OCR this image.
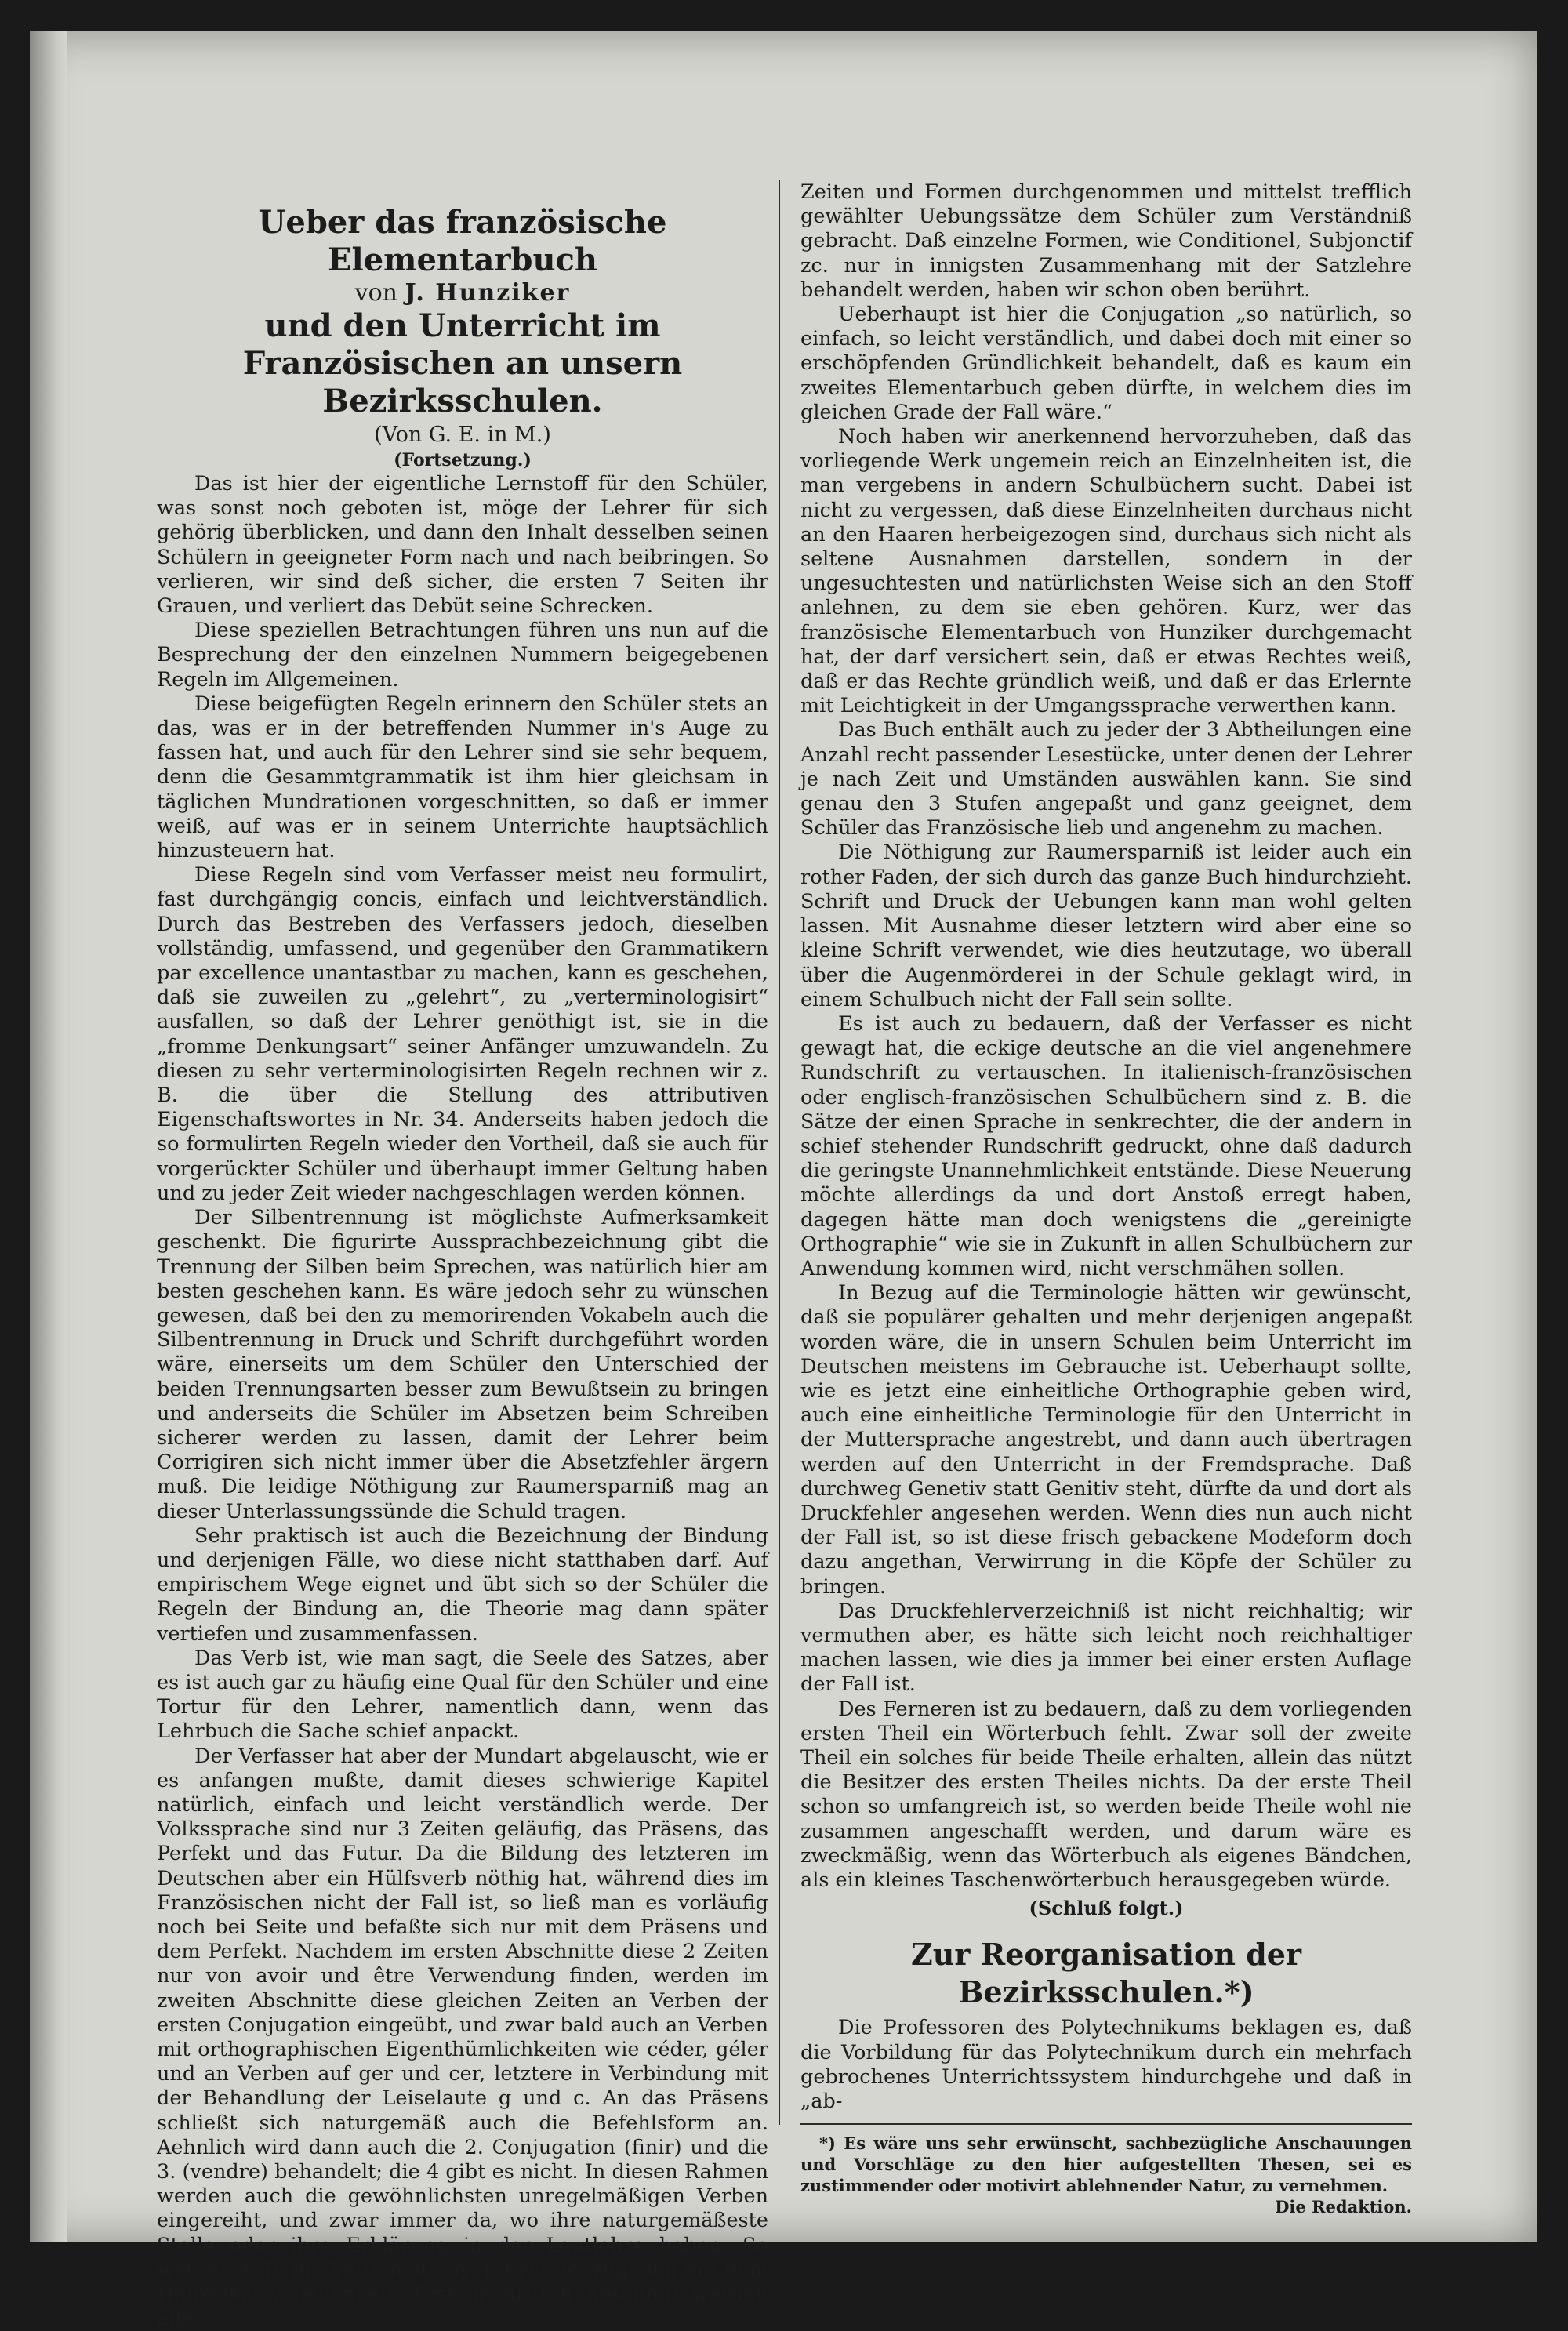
Ueber das französische Elementarbuch
von J. Hunziker
und den Unterricht im Französischen an unsern
Bezirksschulen.
(Von G. E. in M.)
(Fortsetzung.)

Das ist hier der eigentliche Lernstoff für den Schüler, was sonst noch geboten ist, möge der Lehrer für sich gehörig überblicken, und dann den Inhalt desselben seinen Schülern in geeigneter Form nach und nach beibringen. So verlieren, wir sind deß sicher, die ersten 7 Seiten ihr Grauen, und verliert das Debüt seine Schrecken.

Diese speziellen Betrachtungen führen uns nun auf die Besprechung der den einzelnen Nummern beigegebenen Regeln im Allgemeinen.

Diese beigefügten Regeln erinnern den Schüler stets an das, was er in der betreffenden Nummer in's Auge zu fassen hat, und auch für den Lehrer sind sie sehr bequem, denn die Gesammtgrammatik ist ihm hier gleichsam in täglichen Mundrationen vorgeschnitten, so daß er immer weiß, auf was er in seinem Unterrichte hauptsächlich hinzusteuern hat.

Diese Regeln sind vom Verfasser meist neu formulirt, fast durchgängig concis, einfach und leichtverständlich. Durch das Bestreben des Verfassers jedoch, dieselben vollständig, umfassend, und gegenüber den Grammatikern par excellence unantastbar zu machen, kann es geschehen, daß sie zuweilen zu „gelehrt“, zu „verterminologisirt“ ausfallen, so daß der Lehrer genöthigt ist, sie in die „fromme Denkungsart“ seiner Anfänger umzuwandeln. Zu diesen zu sehr verterminologisirten Regeln rechnen wir z. B. die über die Stellung des attributiven Eigenschaftswortes in Nr. 34. Anderseits haben jedoch die so formulirten Regeln wieder den Vortheil, daß sie auch für vorgerückter Schüler und überhaupt immer Geltung haben und zu jeder Zeit wieder nachgeschlagen werden können.

Der Silbentrennung ist möglichste Aufmerksamkeit geschenkt. Die figurirte Aussprachbezeichnung gibt die Trennung der Silben beim Sprechen, was natürlich hier am besten geschehen kann. Es wäre jedoch sehr zu wünschen gewesen, daß bei den zu memorirenden Vokabeln auch die Silbentrennung in Druck und Schrift durchgeführt worden wäre, einerseits um dem Schüler den Unterschied der beiden Trennungsarten besser zum Bewußtsein zu bringen und anderseits die Schüler im Absetzen beim Schreiben sicherer werden zu lassen, damit der Lehrer beim Corrigiren sich nicht immer über die Absetzfehler ärgern muß. Die leidige Nöthigung zur Raumersparniß mag an dieser Unterlassungssünde die Schuld tragen.

Sehr praktisch ist auch die Bezeichnung der Bindung und derjenigen Fälle, wo diese nicht statthaben darf. Auf empirischem Wege eignet und übt sich so der Schüler die Regeln der Bindung an, die Theorie mag dann später vertiefen und zusammenfassen.

Das Verb ist, wie man sagt, die Seele des Satzes, aber es ist auch gar zu häufig eine Qual für den Schüler und eine Tortur für den Lehrer, namentlich dann, wenn das Lehrbuch die Sache schief anpackt.

Der Verfasser hat aber der Mundart abgelauscht, wie er es anfangen mußte, damit dieses schwierige Kapitel natürlich, einfach und leicht verständlich werde. Der Volkssprache sind nur 3 Zeiten geläufig, das Präsens, das Perfekt und das Futur. Da die Bildung des letzteren im Deutschen aber ein Hülfsverb nöthig hat, während dies im Französischen nicht der Fall ist, so ließ man es vorläufig noch bei Seite und befaßte sich nur mit dem Präsens und dem Perfekt. Nachdem im ersten Abschnitte diese 2 Zeiten nur von avoir und être Verwendung finden, werden im zweiten Abschnitte diese gleichen Zeiten an Verben der ersten Conjugation eingeübt, und zwar bald auch an Verben mit orthographischen Eigenthümlichkeiten wie céder, géler und an Verben auf ger und cer, letztere in Verbindung mit der Behandlung der Leiselaute g und c. An das Präsens schließt sich naturgemäß auch die Befehlsform an. Aehnlich wird dann auch die 2. Conjugation (finir) und die 3. (vendre) behandelt; die 4 gibt es nicht. In diesen Rahmen werden auch die gewöhnlichsten unregelmäßigen Verben eingereiht, und zwar immer da, wo ihre naturgemäßeste Stelle oder ihre Erklärung in der Lautlehre haben. So werden z. B. die Verben auf ayer, uyer zc. zugleich mit dem Halbvokal y behandelt. Erst im dritten Abschnitt werden alle

Zeiten und Formen durchgenommen und mittelst trefflich gewählter Uebungssätze dem Schüler zum Verständniß gebracht. Daß einzelne Formen, wie Conditionel, Subjonctif zc. nur in innigsten Zusammenhang mit der Satzlehre behandelt werden, haben wir schon oben berührt.

Ueberhaupt ist hier die Conjugation „so natürlich, so einfach, so leicht verständlich, und dabei doch mit einer so erschöpfenden Gründlichkeit behandelt, daß es kaum ein zweites Elementarbuch geben dürfte, in welchem dies im gleichen Grade der Fall wäre.“

Noch haben wir anerkennend hervorzuheben, daß das vorliegende Werk ungemein reich an Einzelnheiten ist, die man vergebens in andern Schulbüchern sucht. Dabei ist nicht zu vergessen, daß diese Einzelnheiten durchaus nicht an den Haaren herbeigezogen sind, durchaus sich nicht als seltene Ausnahmen darstellen, sondern in der ungesuchtesten und natürlichsten Weise sich an den Stoff anlehnen, zu dem sie eben gehören. Kurz, wer das französische Elementarbuch von Hunziker durchgemacht hat, der darf versichert sein, daß er etwas Rechtes weiß, daß er das Rechte gründlich weiß, und daß er das Erlernte mit Leichtigkeit in der Umgangssprache verwerthen kann.

Das Buch enthält auch zu jeder der 3 Abtheilungen eine Anzahl recht passender Lesestücke, unter denen der Lehrer je nach Zeit und Umständen auswählen kann. Sie sind genau den 3 Stufen angepaßt und ganz geeignet, dem Schüler das Französische lieb und angenehm zu machen.

Die Nöthigung zur Raumersparniß ist leider auch ein rother Faden, der sich durch das ganze Buch hindurchzieht. Schrift und Druck der Uebungen kann man wohl gelten lassen. Mit Ausnahme dieser letztern wird aber eine so kleine Schrift verwendet, wie dies heutzutage, wo überall über die Augenmörderei in der Schule geklagt wird, in einem Schulbuch nicht der Fall sein sollte.

Es ist auch zu bedauern, daß der Verfasser es nicht gewagt hat, die eckige deutsche an die viel angenehmere Rundschrift zu vertauschen. In italienisch-französischen oder englisch-französischen Schulbüchern sind z. B. die Sätze der einen Sprache in senkrechter, die der andern in schief stehender Rundschrift gedruckt, ohne daß dadurch die geringste Unannehmlichkeit entstände. Diese Neuerung möchte allerdings da und dort Anstoß erregt haben, dagegen hätte man doch wenigstens die „gereinigte Orthographie“ wie sie in Zukunft in allen Schulbüchern zur Anwendung kommen wird, nicht verschmähen sollen.

In Bezug auf die Terminologie hätten wir gewünscht, daß sie populärer gehalten und mehr derjenigen angepaßt worden wäre, die in unsern Schulen beim Unterricht im Deutschen meistens im Gebrauche ist. Ueberhaupt sollte, wie es jetzt eine einheitliche Orthographie geben wird, auch eine einheitliche Terminologie für den Unterricht in der Muttersprache angestrebt, und dann auch übertragen werden auf den Unterricht in der Fremdsprache. Daß durchweg Genetiv statt Genitiv steht, dürfte da und dort als Druckfehler angesehen werden. Wenn dies nun auch nicht der Fall ist, so ist diese frisch gebackene Modeform doch dazu angethan, Verwirrung in die Köpfe der Schüler zu bringen.

Das Druckfehlerverzeichniß ist nicht reichhaltig; wir vermuthen aber, es hätte sich leicht noch reichhaltiger machen lassen, wie dies ja immer bei einer ersten Auflage der Fall ist.

Des Ferneren ist zu bedauern, daß zu dem vorliegenden ersten Theil ein Wörterbuch fehlt. Zwar soll der zweite Theil ein solches für beide Theile erhalten, allein das nützt die Besitzer des ersten Theiles nichts. Da der erste Theil schon so umfangreich ist, so werden beide Theile wohl nie zusammen angeschafft werden, und darum wäre es zweckmäßig, wenn das Wörterbuch als eigenes Bändchen, als ein kleines Taschenwörterbuch herausgegeben würde.

(Schluß folgt.)
Zur Reorganisation der Bezirksschulen.*)

Die Professoren des Polytechnikums beklagen es, daß die Vorbildung für das Polytechnikum durch ein mehrfach gebrochenes Unterrichtssystem hindurchgehe und daß in „ab-

*) Es wäre uns sehr erwünscht, sachbezügliche Anschauungen und Vorschläge zu den hier aufgestellten Thesen, sei es zustimmender oder motivirt ablehnender Natur, zu vernehmen.
Die Redaktion.
